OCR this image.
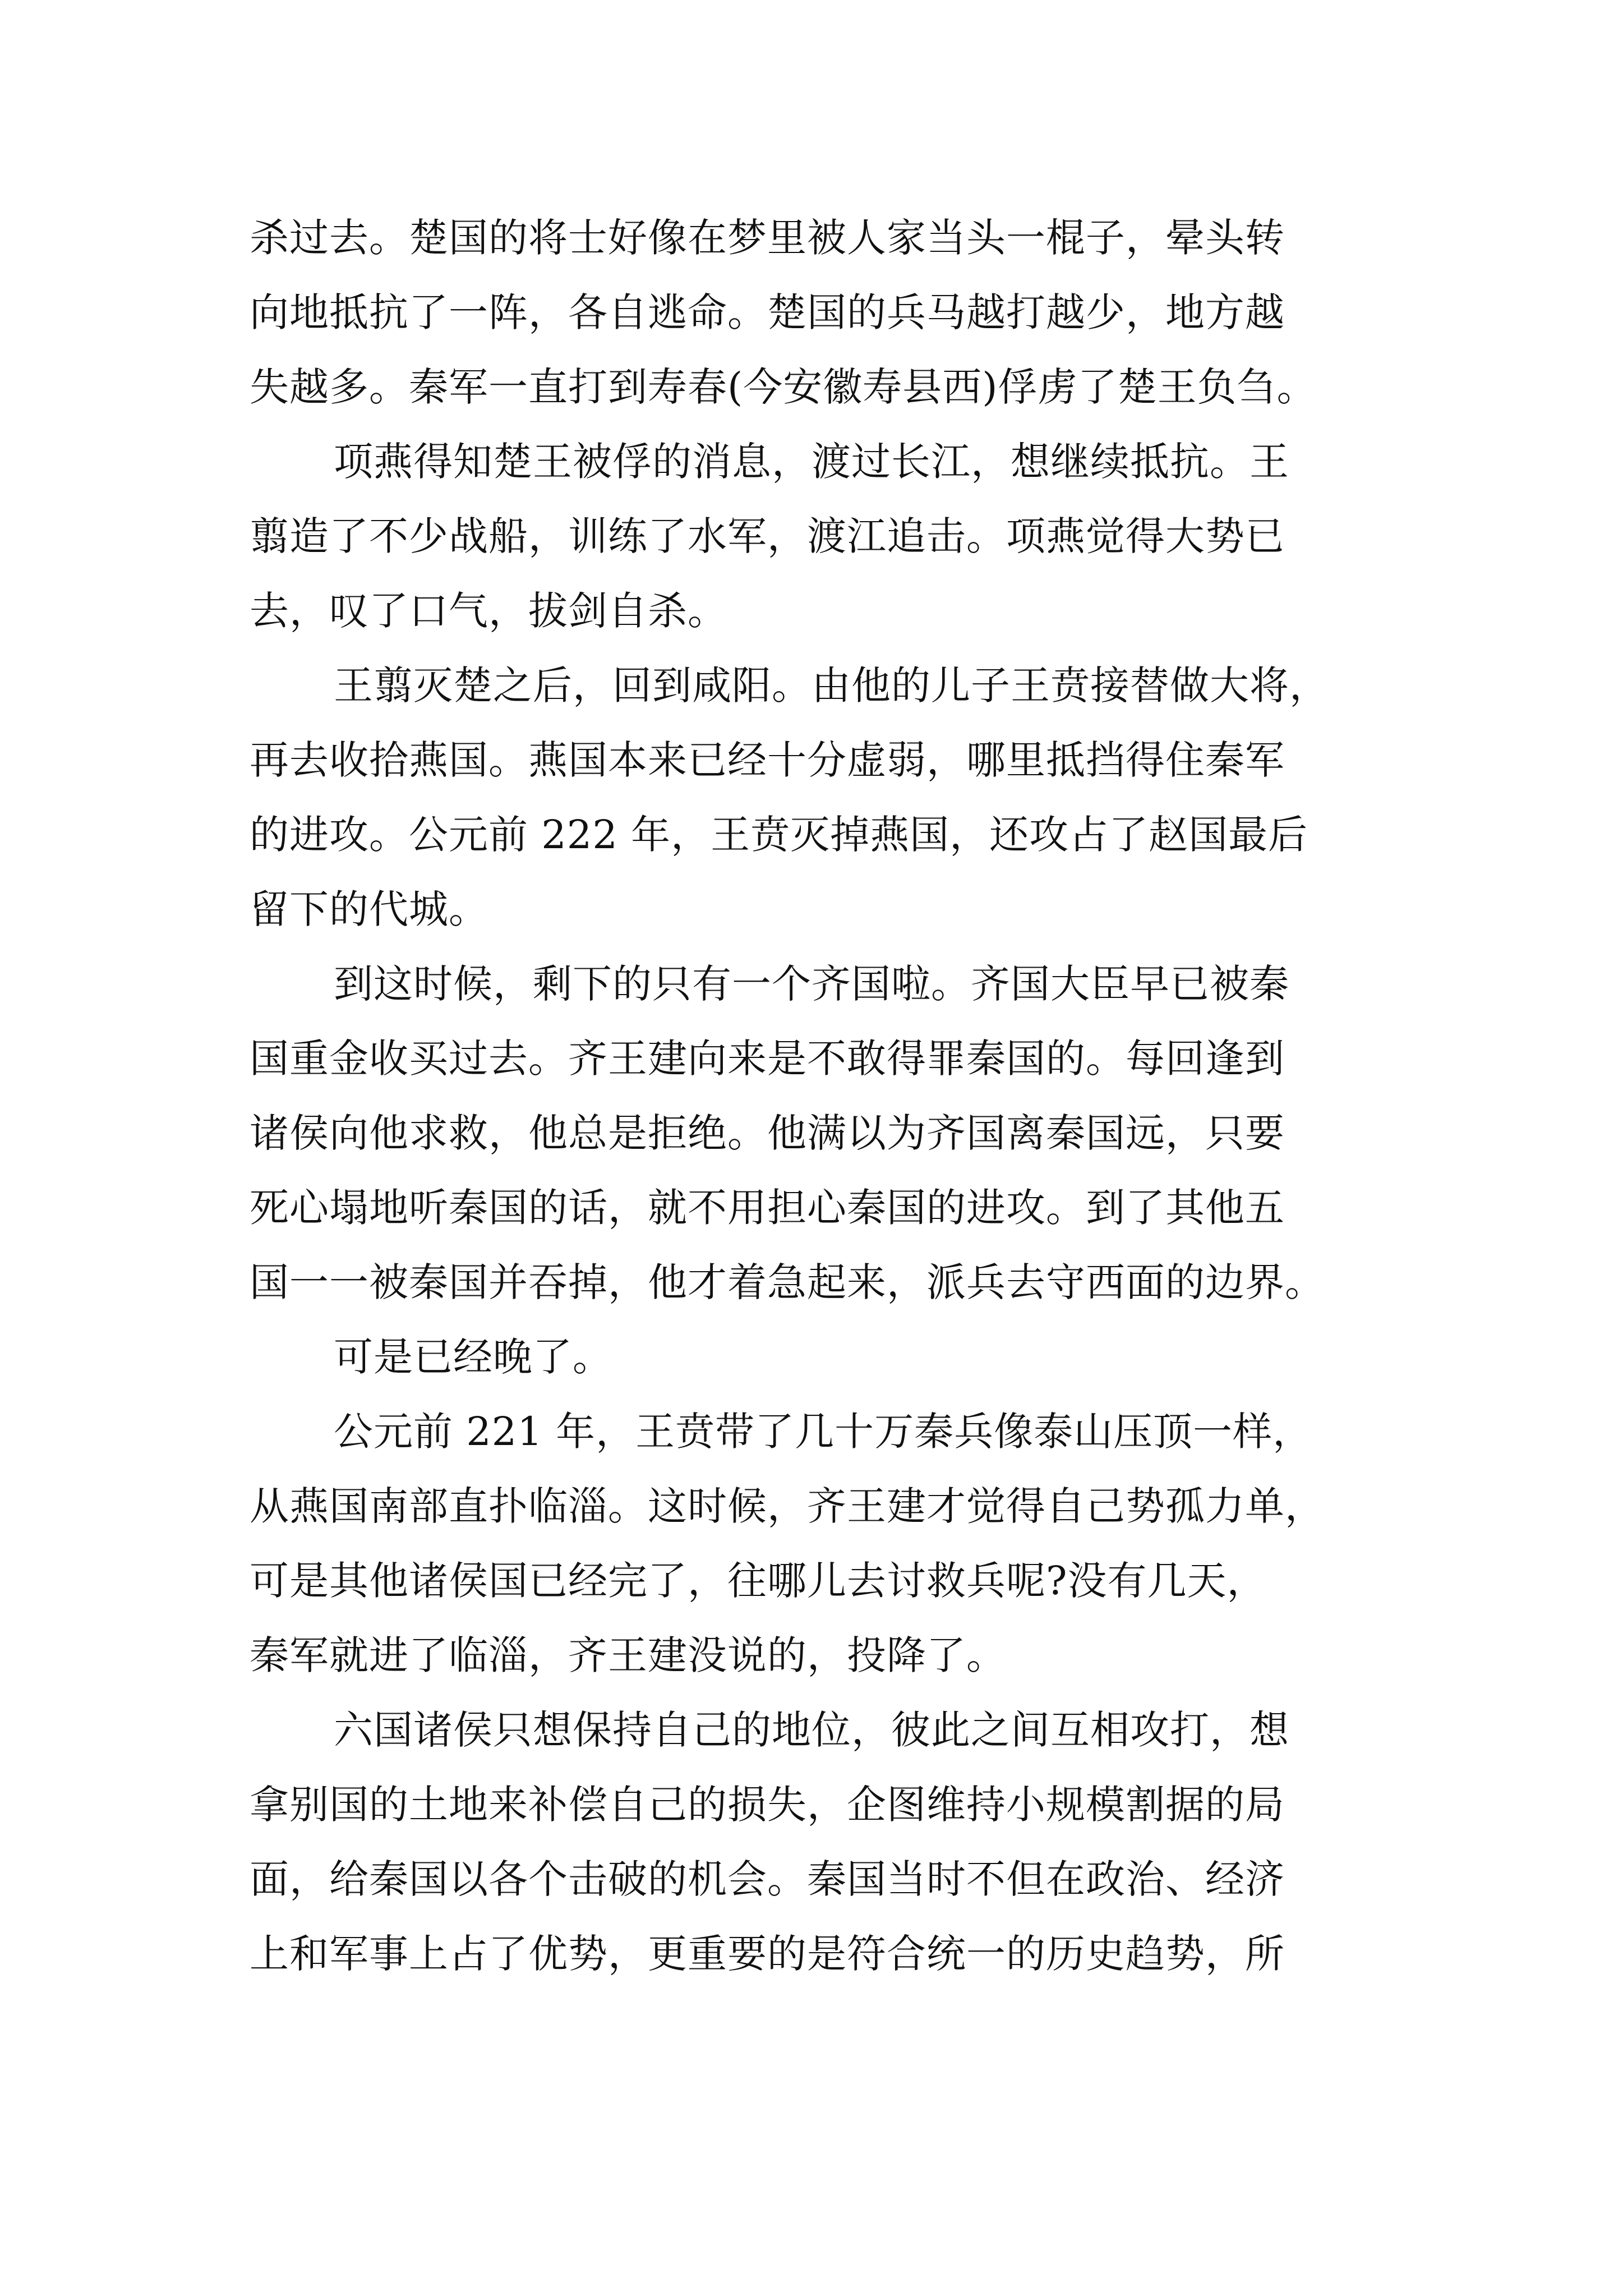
杀过去。楚国的将士好像在梦里被人家当头一棍子，晕头转
向地抵抗了一阵，各自逃命。楚国的兵马越打越少，地方越
失越多。秦军一直打到寿春(今安徽寿县西)俘虏了楚王负刍。
项燕得知楚王被俘的消息，渡过长江，想继续抵抗。王
翦造了不少战船，训练了水军，渡江追击。项燕觉得大势已
去，叹了口气，拔剑自杀。
王翦灭楚之后，回到咸阳。由他的儿子王贲接替做大将，
再去收拾燕国。燕国本来已经十分虚弱，哪里抵挡得住秦军
的进攻。公元前 222 年，王贲灭掉燕国，还攻占了赵国最后
留下的代城。
到这时候，剩下的只有一个齐国啦。齐国大臣早已被秦
国重金收买过去。齐王建向来是不敢得罪秦国的。每回逢到
诸侯向他求救，他总是拒绝。他满以为齐国离秦国远，只要
死心塌地听秦国的话，就不用担心秦国的进攻。到了其他五
国一一被秦国并吞掉，他才着急起来，派兵去守西面的边界。
可是已经晚了。
公元前 221 年，王贲带了几十万秦兵像泰山压顶一样，
从燕国南部直扑临淄。这时候，齐王建才觉得自己势孤力单，
可是其他诸侯国已经完了，往哪儿去讨救兵呢?没有几天，
秦军就进了临淄，齐王建没说的，投降了。
六国诸侯只想保持自己的地位，彼此之间互相攻打，想
拿别国的土地来补偿自己的损失，企图维持小规模割据的局
面，给秦国以各个击破的机会。秦国当时不但在政治、经济
上和军事上占了优势，更重要的是符合统一的历史趋势，所
